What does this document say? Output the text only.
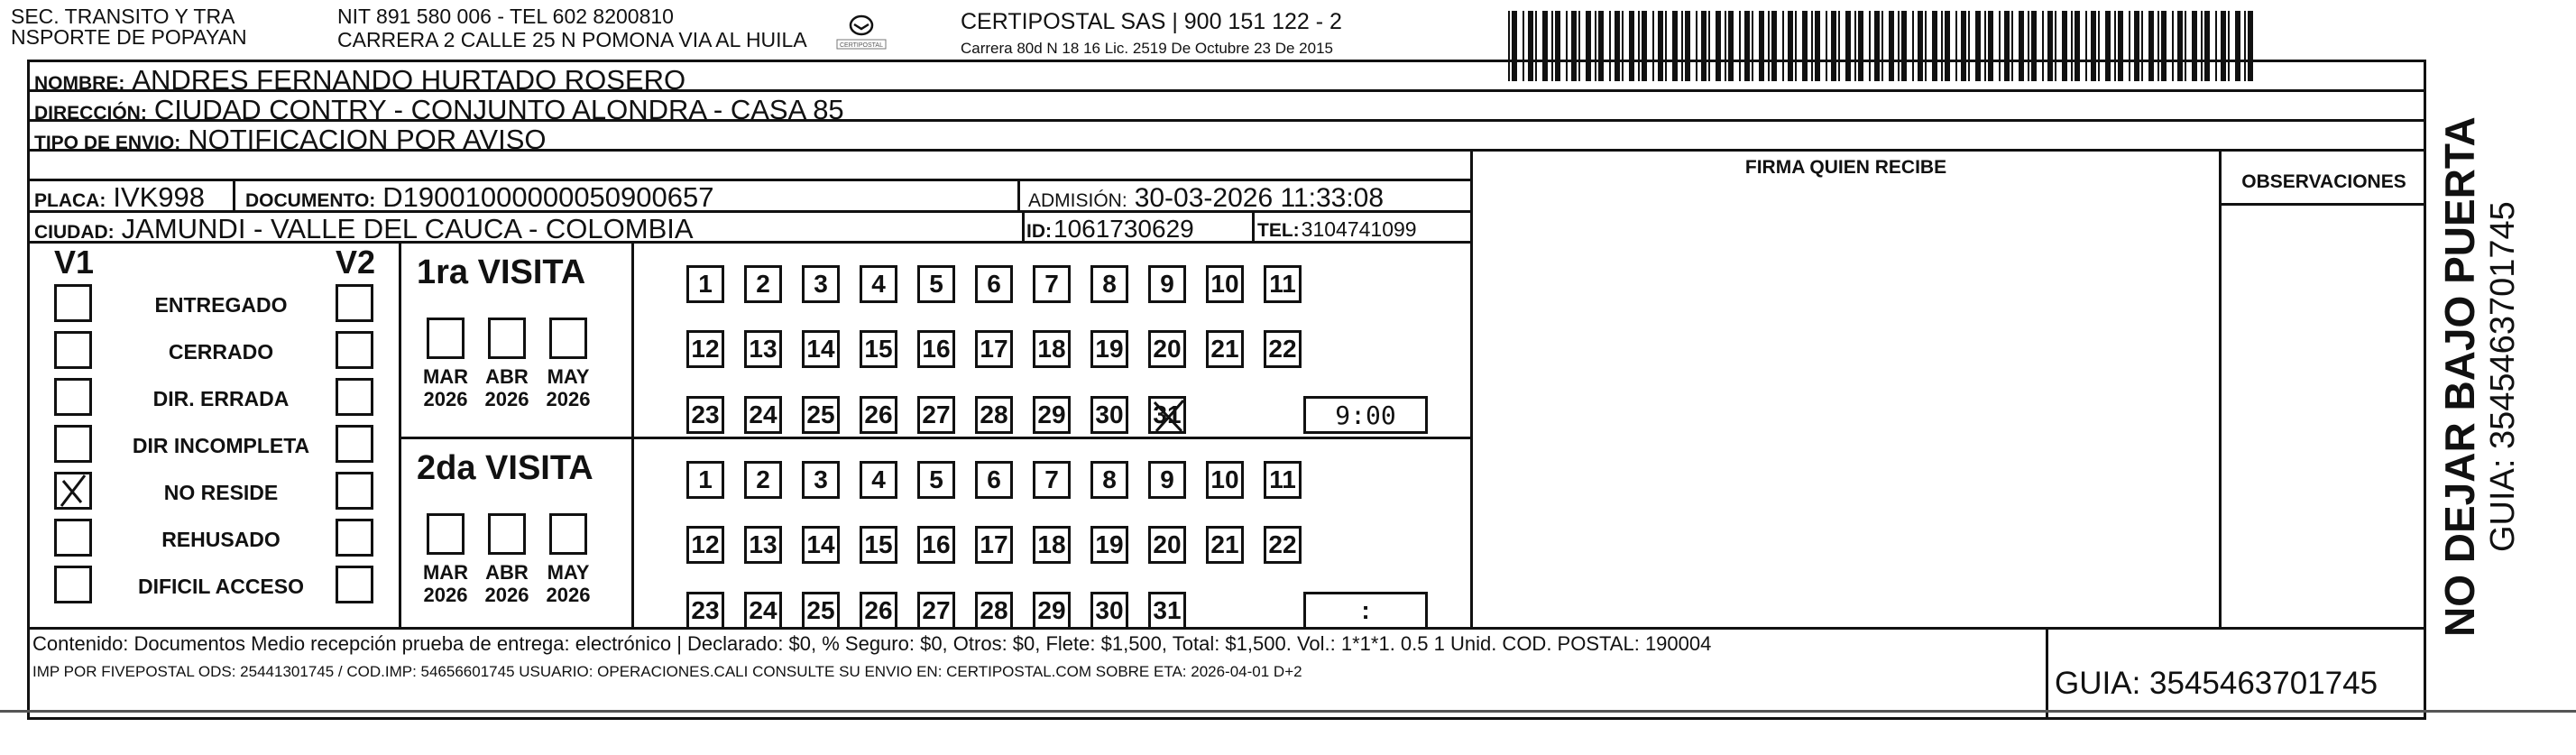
SEC. TRANSITO Y TRA
NSPORTE DE POPAYAN
NIT 891 580 006 - TEL 602 8200810
CARRERA 2 CALLE 25 N POMONA VIA AL HUILA	CERTIPOSTAL
CERTIPOSTAL SAS | 900 151 122 - 2
Carrera 80d N 18 16 Lic. 2519 De Octubre 23 De 2015
NOMBRE: ANDRES FERNANDO HURTADO ROSERO
DIRECCIÓN: CIUDAD CONTRY - CONJUNTO ALONDRA - CASA 85
TIPO DE ENVIO: NOTIFICACION POR AVISO
PLACA: IVK998 DOCUMENTO: D19001000000050900657	ADMISIÓN: 30-03-2026 11:33:08
CIUDAD: JAMUNDI - VALLE DEL CAUCA - COLOMBIA	ID: 1061730629	TEL: 3104741099
FIRMA QUIEN RECIBE
OBSERVACIONES
V1	V2
ENTREGADO
CERRADO
DIR. ERRADA
DIR INCOMPLETA
NO RESIDE
REHUSADO
DIFICIL ACCESO
1ra VISITA
MAR
2026
ABR
2026
MAY
2026
1	2	3	4	5	6	7	8	9	10 11
12 13 14 15 16 17 18 19 20 21 22
23 24 25 26 27 28 29 30 31	9:00
2da VISITA
MAR
2026
ABR
2026
MAY
2026
1	2	3	4	5	6	7	8	9	10 11
12 13 14 15 16 17 18 19 20 21 22
23 24 25 26 27 28 29 30 31	:
Contenido: Documentos Medio recepción prueba de entrega: electrónico | Declarado: $0, % Seguro: $0, Otros: $0, Flete: $1,500, Total: $1,500. Vol.: 1*1*1. 0.5 1 Unid. COD. POSTAL: 190004
IMP POR FIVEPOSTAL ODS: 25441301745 / COD.IMP: 54656601745 USUARIO: OPERACIONES.CALI CONSULTE SU ENVIO EN: CERTIPOSTAL.COM SOBRE ETA: 2026-04-01 D+2	GUIA: 3545463701745
NO DEJAR BAJO PUERTA GUIA: 3545463701745
